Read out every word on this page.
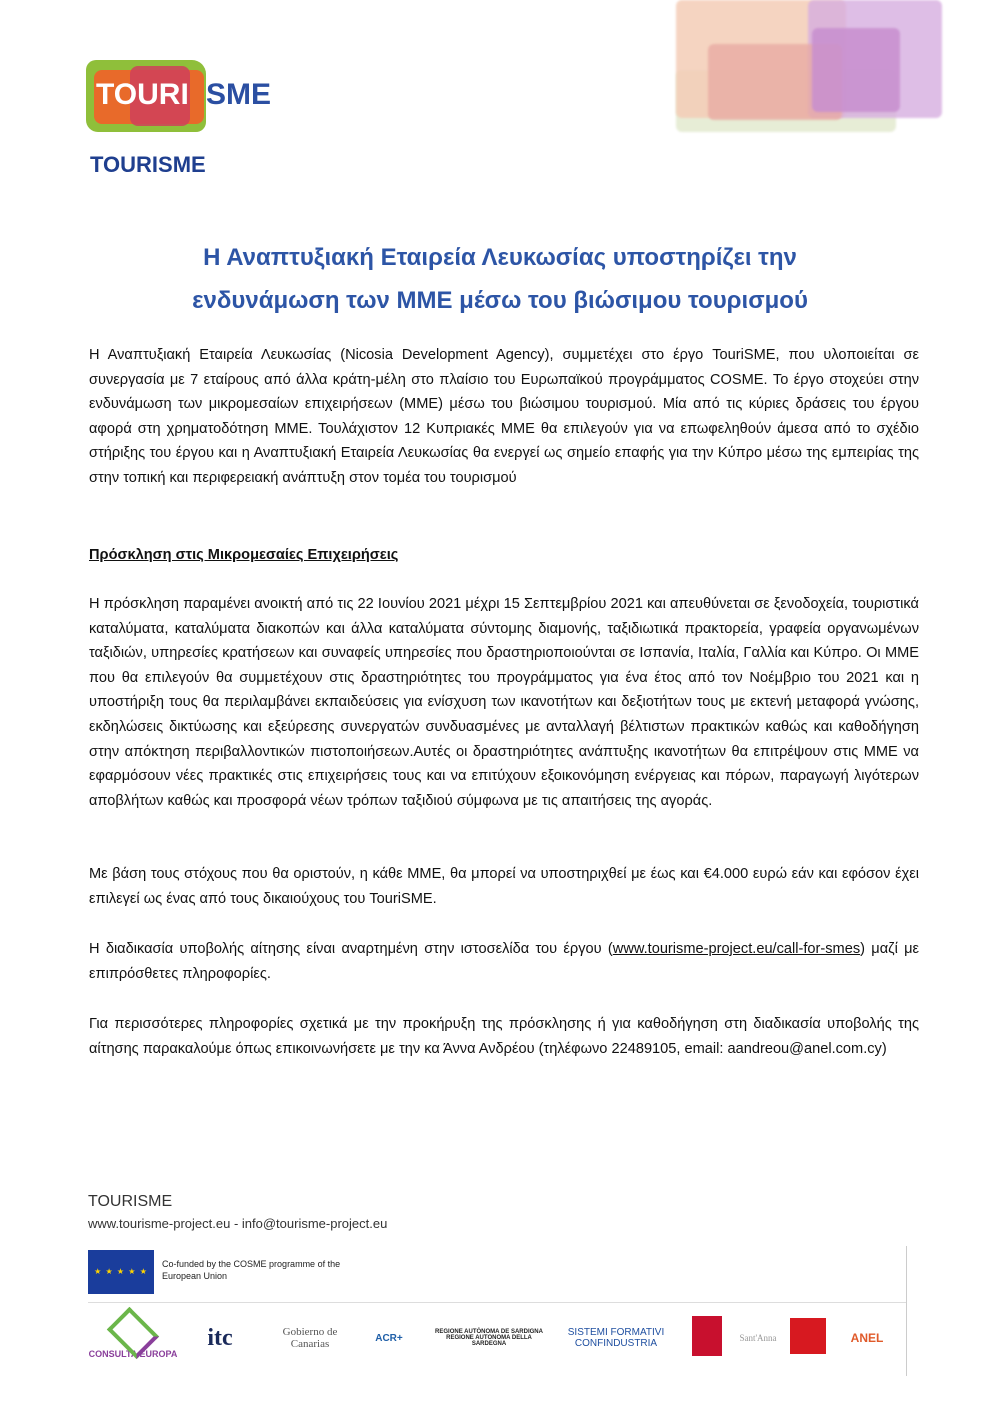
TOURI SME
TOURISME
Η Αναπτυξιακή Εταιρεία Λευκωσίας υποστηρίζει την
ενδυνάμωση των ΜΜΕ μέσω του βιώσιμου τουρισμού
Η Αναπτυξιακή Εταιρεία Λευκωσίας (Nicosia Development Agency), συμμετέχει στο έργο TouriSME, που υλοποιείται σε συνεργασία με 7 εταίρους από άλλα κράτη-μέλη στο πλαίσιο του Ευρωπαϊκού προγράμματος COSME. Το έργο στοχεύει στην ενδυνάμωση των μικρομεσαίων επιχειρήσεων (ΜΜΕ) μέσω του βιώσιμου τουρισμού. Μία από τις κύριες δράσεις του έργου αφορά στη χρηματοδότηση ΜΜΕ. Τουλάχιστον 12 Κυπριακές ΜΜΕ θα επιλεγούν για να επωφεληθούν άμεσα από το σχέδιο στήριξης του έργου και η Αναπτυξιακή Εταιρεία Λευκωσίας θα ενεργεί ως σημείο επαφής για την Κύπρο μέσω της εμπειρίας της στην τοπική και περιφερειακή ανάπτυξη στον τομέα του τουρισμού
Πρόσκληση στις Μικρομεσαίες Επιχειρήσεις
Η πρόσκληση παραμένει ανοικτή από τις 22 Ιουνίου 2021 μέχρι 15 Σεπτεμβρίου 2021 και απευθύνεται σε ξενοδοχεία, τουριστικά καταλύματα, καταλύματα διακοπών και άλλα καταλύματα σύντομης διαμονής, ταξιδιωτικά πρακτορεία, γραφεία οργανωμένων ταξιδιών, υπηρεσίες κρατήσεων και συναφείς υπηρεσίες που δραστηριοποιούνται σε Ισπανία, Ιταλία, Γαλλία και Κύπρο. Οι ΜΜΕ που θα επιλεγούν θα συμμετέχουν στις δραστηριότητες του προγράμματος για ένα έτος από τον Νοέμβριο του 2021 και η υποστήριξη τους θα περιλαμβάνει εκπαιδεύσεις για ενίσχυση των ικανοτήτων και δεξιοτήτων τους με εκτενή μεταφορά γνώσης, εκδηλώσεις δικτύωσης και εξεύρεσης συνεργατών συνδυασμένες με ανταλλαγή βέλτιστων πρακτικών καθώς και καθοδήγηση στην απόκτηση περιβαλλοντικών πιστοποιήσεων.Αυτές οι δραστηριότητες ανάπτυξης ικανοτήτων θα επιτρέψουν στις ΜΜΕ να εφαρμόσουν νέες πρακτικές στις επιχειρήσεις τους και να επιτύχουν εξοικονόμηση ενέργειας και πόρων, παραγωγή λιγότερων αποβλήτων καθώς και προσφορά νέων τρόπων ταξιδιού σύμφωνα με τις απαιτήσεις της αγοράς.
Με βάση τους στόχους που θα οριστούν, η κάθε ΜΜΕ, θα μπορεί να υποστηριχθεί με έως και €4.000 ευρώ εάν και εφόσον έχει επιλεγεί ως ένας από τους δικαιούχους του TouriSME.
Η διαδικασία υποβολής αίτησης είναι αναρτημένη στην ιστοσελίδα του έργου (www.tourisme-project.eu/call-for-smes) μαζί με επιπρόσθετες πληροφορίες.
Για περισσότερες πληροφορίες σχετικά με την προκήρυξη της πρόσκλησης ή για καθοδήγηση στη διαδικασία υποβολής της αίτησης παρακαλούμε όπως επικοινωνήσετε με την κα Άννα Ανδρέου (τηλέφωνο 22489105, email: aandreou@anel.com.cy)
TOURISME
www.tourisme-project.eu - info@tourisme-project.eu
★ ★ ★ ★ ★
Co-funded by the COSME programme of the European Union
CONSULTA EUROPA
itc	Gobierno de Canarias	ACR+
REGIONE AUTÒNOMA DE SARDIGNA REGIONE AUTONOMA DELLA SARDEGNA
SISTEMI FORMATIVI CONFINDUSTRIA	Sant'Anna	ANEL
